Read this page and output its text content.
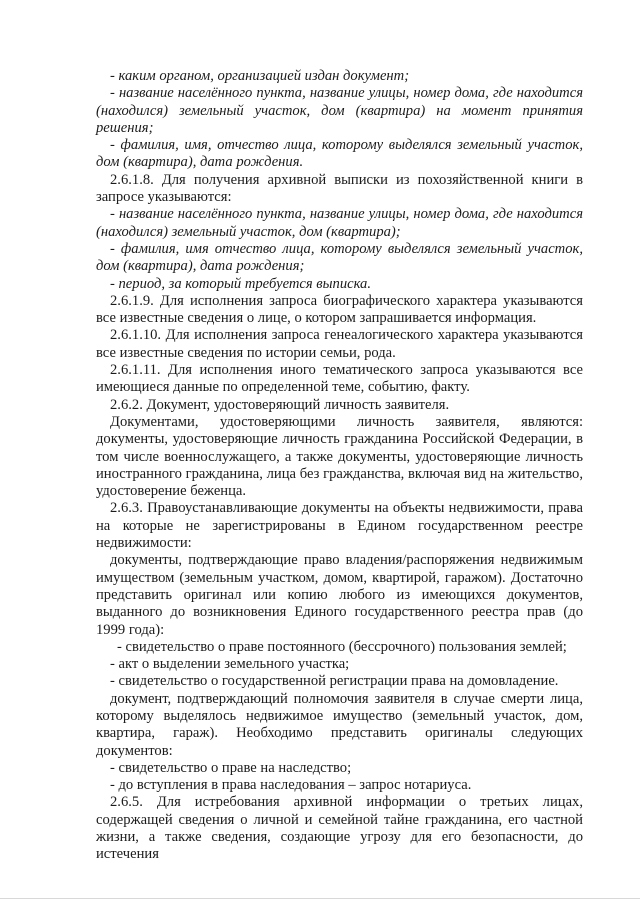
- каким органом, организацией издан документ;

- название населённого пункта, название улицы, номер дома, где находится (находился) земельный участок, дом (квартира) на момент принятия решения;

- фамилия, имя, отчество лица, которому выделялся земельный участок, дом (квартира), дата рождения.

2.6.1.8. Для получения архивной выписки из похозяйственной книги в запросе указываются:

- название населённого пункта, название улицы, номер дома, где находится (находился) земельный участок, дом (квартира);

- фамилия, имя отчество лица, которому выделялся земельный участок, дом (квартира), дата рождения;

- период, за который требуется выписка.

2.6.1.9. Для исполнения запроса биографического характера указываются все известные сведения о лице, о котором запрашивается информация.

2.6.1.10. Для исполнения запроса генеалогического характера указываются все известные сведения по истории семьи, рода.

2.6.1.11. Для исполнения иного тематического запроса указываются все имеющиеся данные по определенной теме, событию, факту.

2.6.2. Документ, удостоверяющий личность заявителя.

Документами, удостоверяющими личность заявителя, являются: документы, удостоверяющие личность гражданина Российской Федерации, в том числе военнослужащего, а также документы, удостоверяющие личность иностранного гражданина, лица без гражданства, включая вид на жительство, удостоверение беженца.

2.6.3. Правоустанавливающие документы на объекты недвижимости, права на которые не зарегистрированы в Едином государственном реестре недвижимости:

документы, подтверждающие право владения/распоряжения недвижимым имуществом (земельным участком, домом, квартирой, гаражом). Достаточно представить оригинал или копию любого из имеющихся документов, выданного до возникновения Единого государственного реестра прав (до 1999 года):

- свидетельство о праве постоянного (бессрочного) пользования землей;

- акт о выделении земельного участка;

- свидетельство о государственной регистрации права на домовладение.

документ, подтверждающий полномочия заявителя в случае смерти лица, которому выделялось недвижимое имущество (земельный участок, дом, квартира, гараж). Необходимо представить оригиналы следующих документов:

- свидетельство о праве на наследство;

- до вступления в права наследования – запрос нотариуса.

2.6.5. Для истребования архивной информации о третьих лицах, содержащей сведения о личной и семейной тайне гражданина, его частной жизни, а также сведения, создающие угрозу для его безопасности, до истечения
